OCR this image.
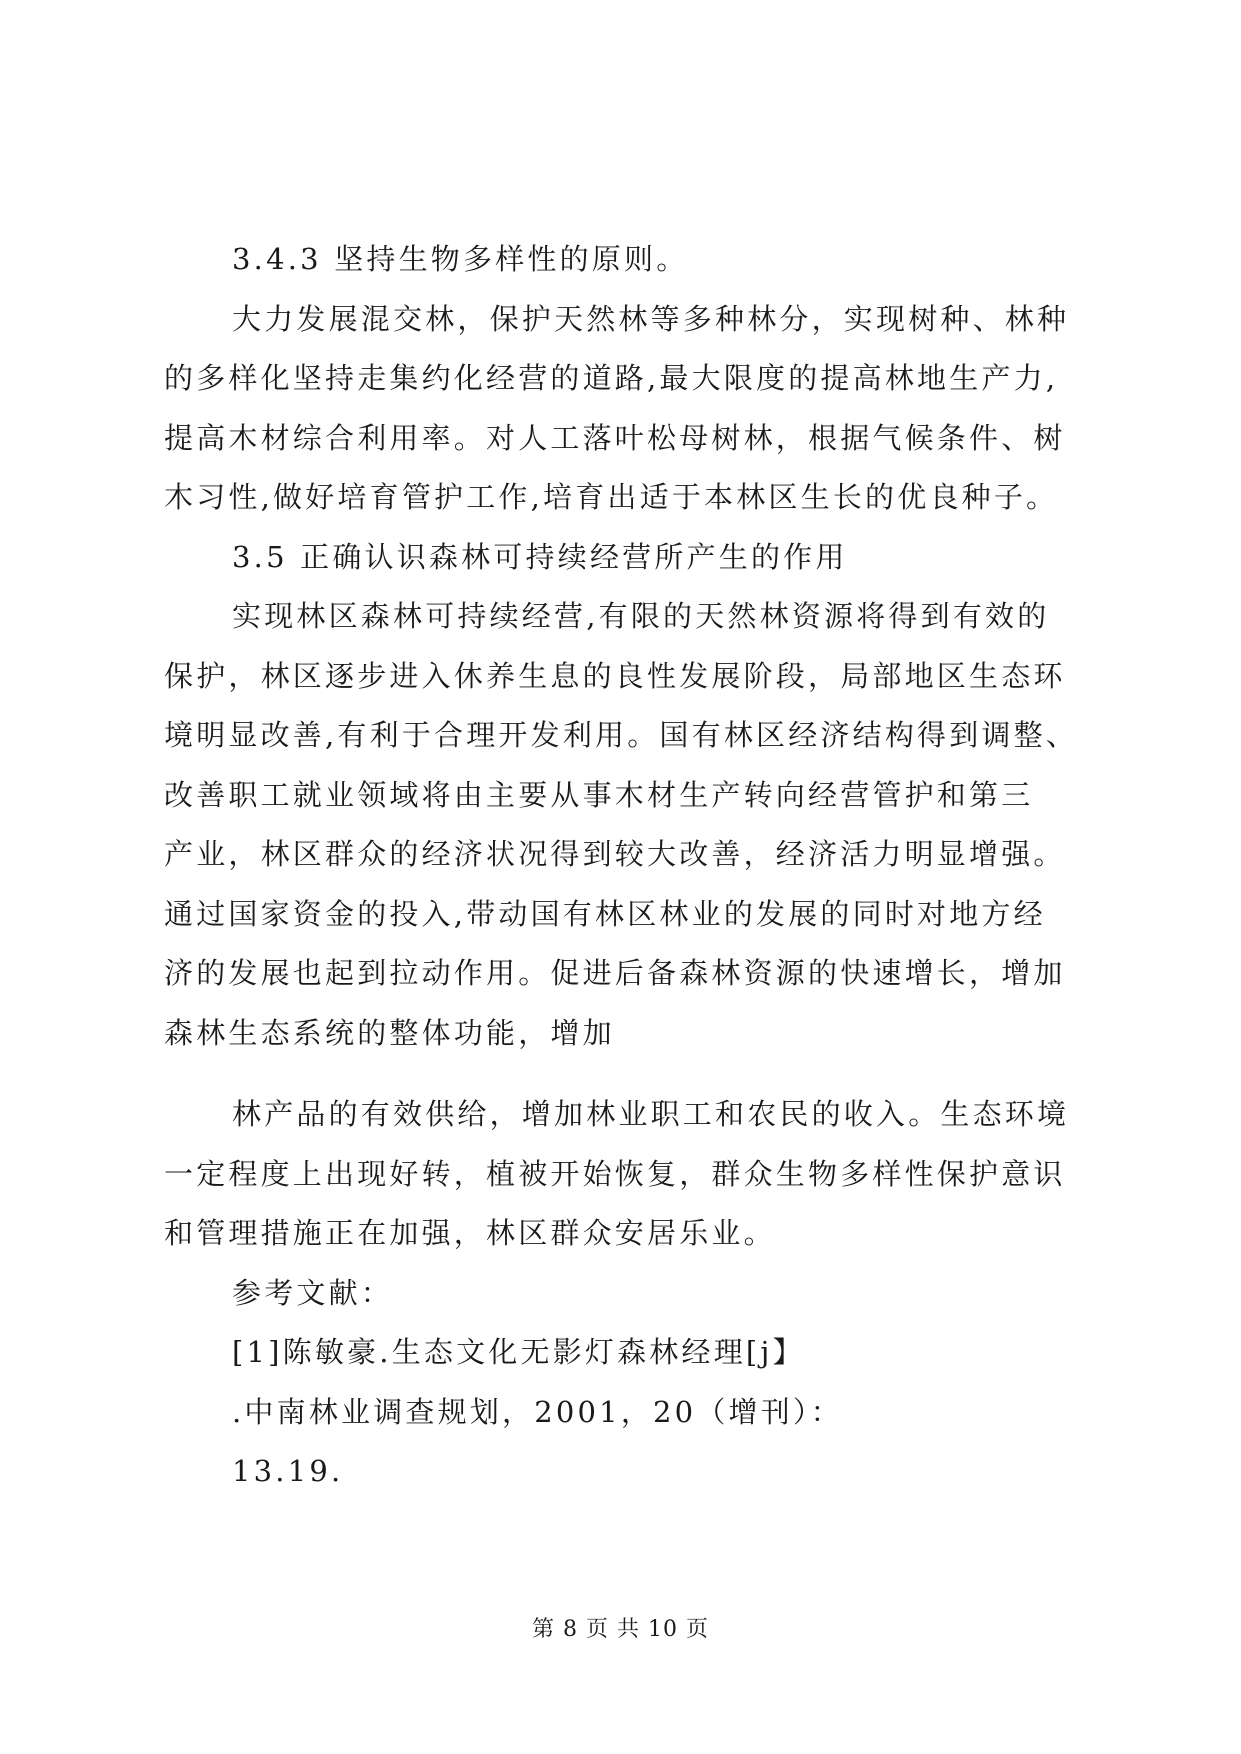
3.4.3 坚持生物多样性的原则。
大力发展混交林，保护天然林等多种林分，实现树种、林种
的多样化坚持走集约化经营的道路,最大限度的提高林地生产力,
提高木材综合利用率。对人工落叶松母树林，根据气候条件、树
木习性,做好培育管护工作,培育出适于本林区生长的优良种子。
3.5 正确认识森林可持续经营所产生的作用
实现林区森林可持续经营,有限的天然林资源将得到有效的
保护，林区逐步进入休养生息的良性发展阶段，局部地区生态环
境明显改善,有利于合理开发利用。国有林区经济结构得到调整、
改善职工就业领域将由主要从事木材生产转向经营管护和第三
产业，林区群众的经济状况得到较大改善，经济活力明显增强。
通过国家资金的投入,带动国有林区林业的发展的同时对地方经
济的发展也起到拉动作用。促进后备森林资源的快速增长，增加
森林生态系统的整体功能，增加
林产品的有效供给，增加林业职工和农民的收入。生态环境
一定程度上出现好转，植被开始恢复，群众生物多样性保护意识
和管理措施正在加强，林区群众安居乐业。
参考文献：
[1]陈敏豪.生态文化无影灯森林经理[j】
.中南林业调查规划，2001，20（增刊）：
13.19.
第 8 页 共 10 页
